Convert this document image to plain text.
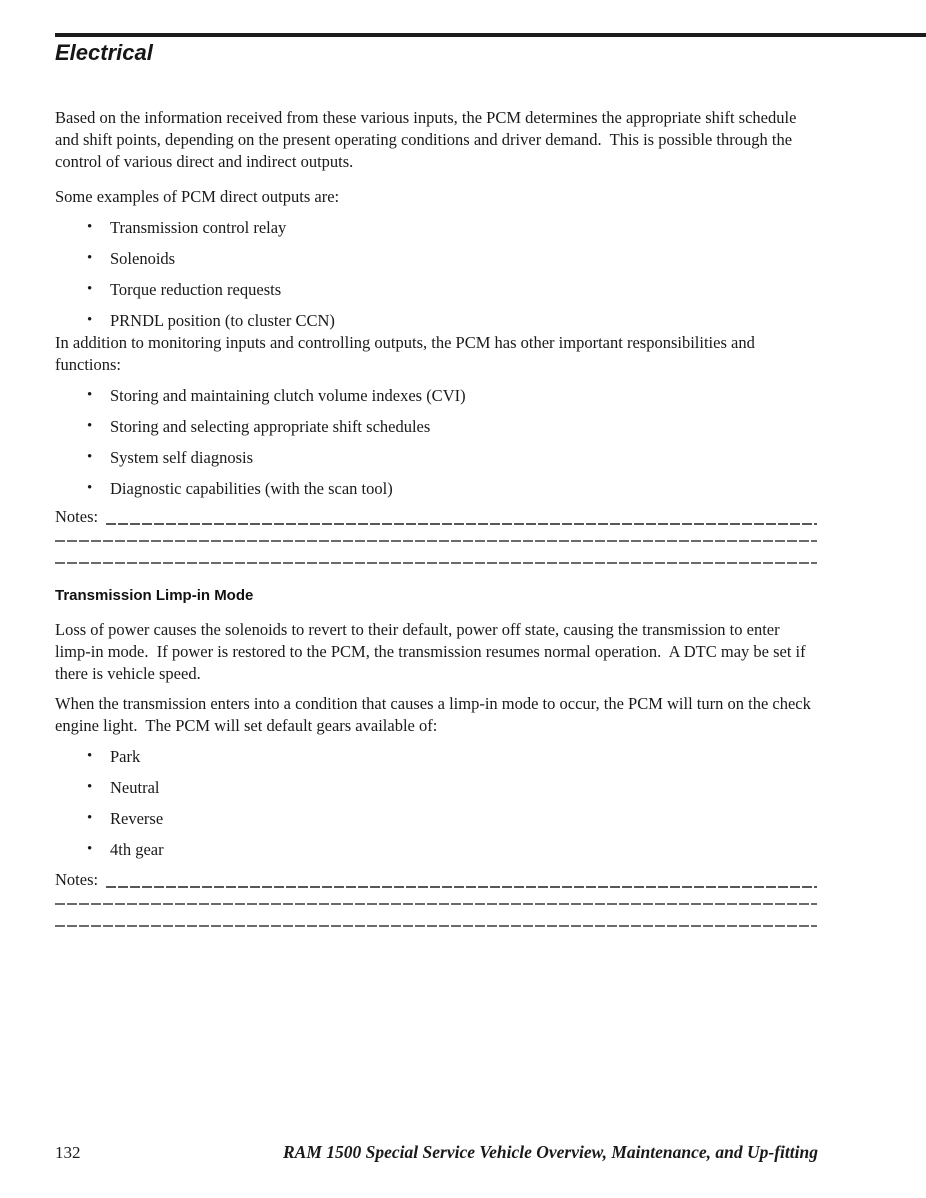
Electrical

Based on the information received from these various inputs, the PCM determines the appropriate shift schedule and shift points, depending on the present operating conditions and driver demand.  This is possible through the control of various direct and indirect outputs.

Some examples of PCM direct outputs are:

• Transmission control relay
• Solenoids
• Torque reduction requests
• PRNDL position (to cluster CCN)

In addition to monitoring inputs and controlling outputs, the PCM has other important responsibilities and functions:

• Storing and maintaining clutch volume indexes (CVI)
• Storing and selecting appropriate shift schedules
• System self diagnosis
• Diagnostic capabilities (with the scan tool)
Notes:
Transmission Limp-in Mode

Loss of power causes the solenoids to revert to their default, power off state, causing the transmission to enter limp-in mode.  If power is restored to the PCM, the transmission resumes normal operation.  A DTC may be set if there is vehicle speed.

When the transmission enters into a condition that causes a limp-in mode to occur, the PCM will turn on the check engine light.  The PCM will set default gears available of:

• Park
• Neutral
• Reverse
• 4th gear
Notes:
132	RAM 1500 Special Service Vehicle Overview, Maintenance, and Up-fitting
